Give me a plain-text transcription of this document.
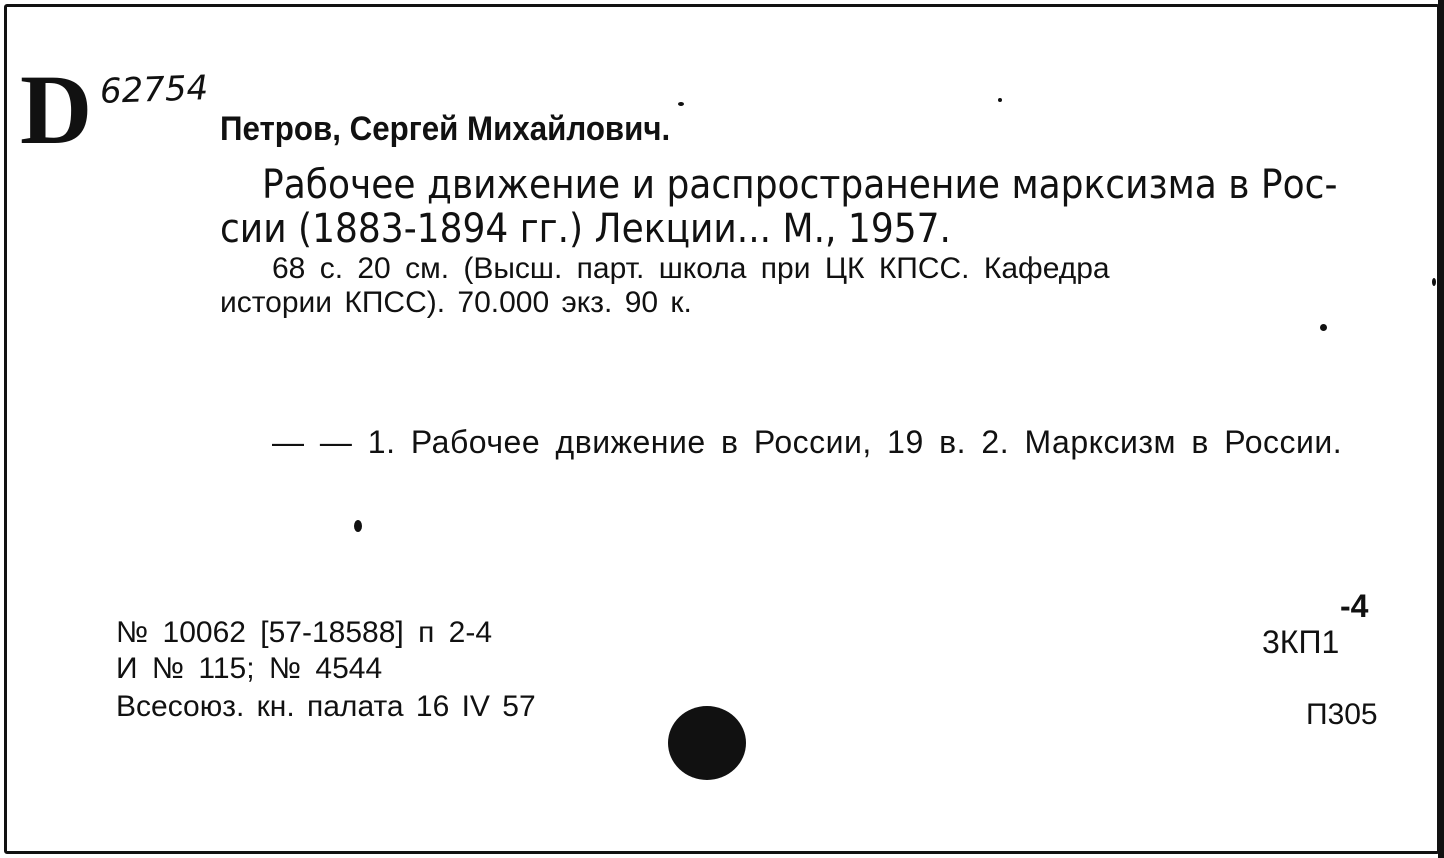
D 62754
Петров, Сергей Михайлович.
Рабочее движение и распространение марксизма в Рос-
сии (1883-1894 гг.) Лекции... М., 1957.
68 с. 20 см. (Высш. парт. школа при ЦК КПСС. Кафедра
истории КПСС). 70.000 экз. 90 к.
— — 1. Рабочее движение в России, 19 в. 2. Марксизм в России.
№ 10062 [57-18588] п 2-4
И № 115; № 4544
Всесоюз. кн. палата 16 IV 57
-4
3КП1
П305
